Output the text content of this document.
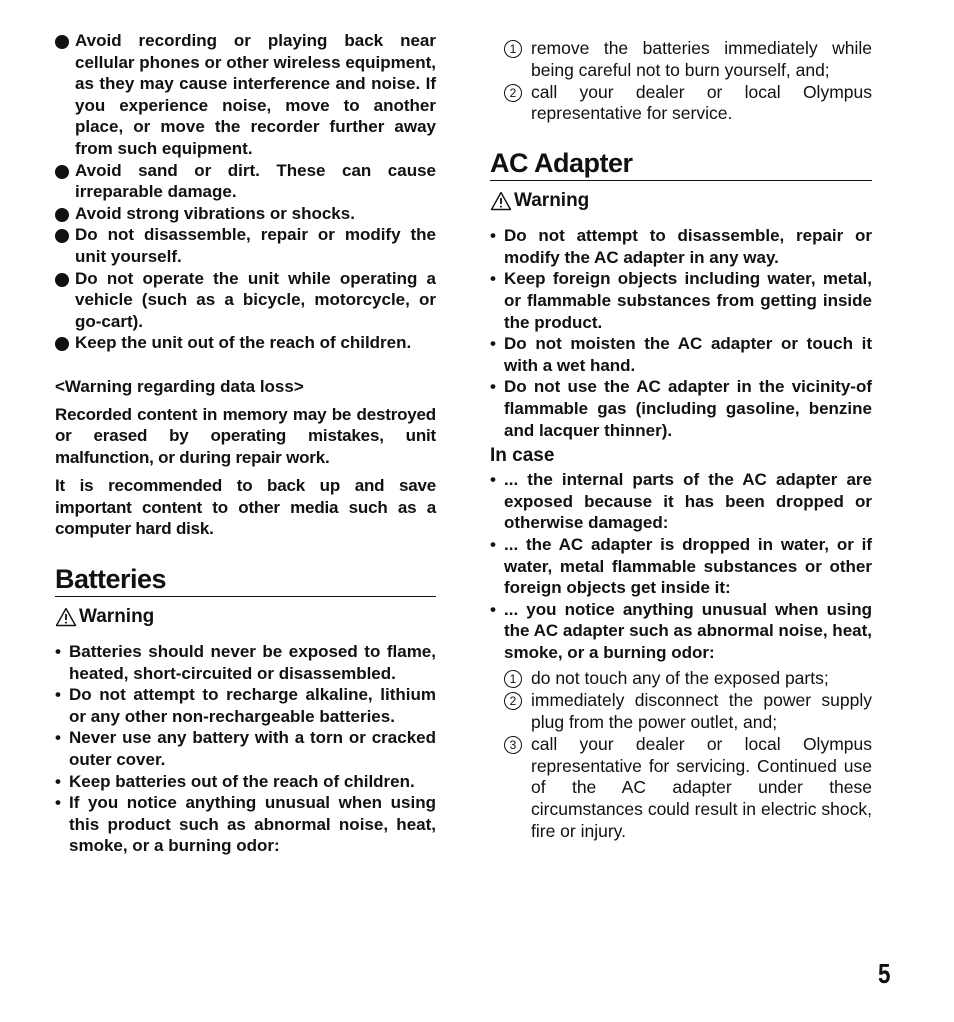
Avoid recording or playing back near cellular phones or other wireless equipment, as they may cause interference and noise. If you experience noise, move to another place, or move the recorder further away from such equipment.
Avoid sand or dirt. These can cause irreparable damage.
Avoid strong vibrations or shocks.
Do not disassemble, repair or modify the unit yourself.
Do not operate the unit while operating a vehicle (such as a bicycle, motorcycle, or go-cart).
Keep the unit out of the reach of children.
<Warning regarding data loss>

Recorded content in memory may be destroyed or erased by operating mistakes, unit malfunction, or during repair work.

It is recommended to back up and save important content to other media such as a computer hard disk.

Batteries
Warning
• Batteries should never be exposed to flame, heated, short-circuited or disassembled.
• Do not attempt to recharge alkaline, lithium or any other non-rechargeable batteries.
• Never use any battery with a torn or cracked outer cover.
• Keep batteries out of the reach of children.
• If you notice anything unusual when using this product such as abnormal noise, heat, smoke, or a burning odor:
1 remove the batteries immediately while being careful not to burn yourself, and;
2 call your dealer or local Olympus representative for service.
AC Adapter
Warning
• Do not attempt to disassemble, repair or modify the AC adapter in any way.
• Keep foreign objects including water, metal, or flammable substances from getting inside the product.
• Do not moisten the AC adapter or touch it with a wet hand.
• Do not use the AC adapter in the vicinity-of flammable gas (including gasoline, benzine and lacquer thinner).
In case
• ... the internal parts of the AC adapter are exposed because it has been dropped or otherwise damaged:
• ... the AC adapter is dropped in water, or if water, metal flammable substances or other foreign objects get inside it:
• ... you notice anything unusual when using the AC adapter such as abnormal noise, heat, smoke, or a burning odor:
1 do not touch any of the exposed parts;
2 immediately disconnect the power supply plug from the power outlet, and;
3 call your dealer or local Olympus representative for servicing. Continued use of the AC adapter under these circumstances could result in electric shock, fire or injury.
5
